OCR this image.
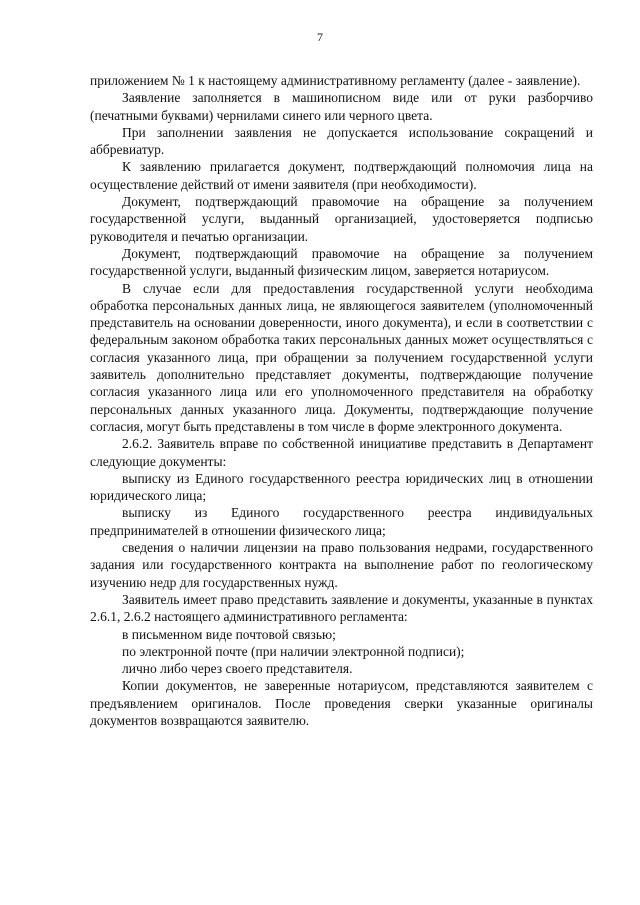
7

приложением № 1 к настоящему административному регламенту (далее - заявление).

Заявление заполняется в машинописном виде или от руки разборчиво (печатными буквами) чернилами синего или черного цвета.

При заполнении заявления не допускается использование сокращений и аббревиатур.

К заявлению прилагается документ, подтверждающий полномочия лица на осуществление действий от имени заявителя (при необходимости).

Документ, подтверждающий правомочие на обращение за получением государственной услуги, выданный организацией, удостоверяется подписью руководителя и печатью организации.

Документ, подтверждающий правомочие на обращение за получением государственной услуги, выданный физическим лицом, заверяется нотариусом.

В случае если для предоставления государственной услуги необходима обработка персональных данных лица, не являющегося заявителем (уполномоченный представитель на основании доверенности, иного документа), и если в соответствии с федеральным законом обработка таких персональных данных может осуществляться с согласия указанного лица, при обращении за получением государственной услуги заявитель дополнительно представляет документы, подтверждающие получение согласия указанного лица или его уполномоченного представителя на обработку персональных данных указанного лица. Документы, подтверждающие получение согласия, могут быть представлены в том числе в форме электронного документа.

2.6.2. Заявитель вправе по собственной инициативе представить в Департамент следующие документы:

выписку из Единого государственного реестра юридических лиц в отношении юридического лица;

выписку из Единого государственного реестра индивидуальных предпринимателей в отношении физического лица;

сведения о наличии лицензии на право пользования недрами, государственного задания или государственного контракта на выполнение работ по геологическому изучению недр для государственных нужд.

Заявитель имеет право представить заявление и документы, указанные в пунктах 2.6.1, 2.6.2 настоящего административного регламента:

в письменном виде почтовой связью;

по электронной почте (при наличии электронной подписи);

лично либо через своего представителя.

Копии документов, не заверенные нотариусом, представляются заявителем с предъявлением оригиналов. После проведения сверки указанные оригиналы документов возвращаются заявителю.
